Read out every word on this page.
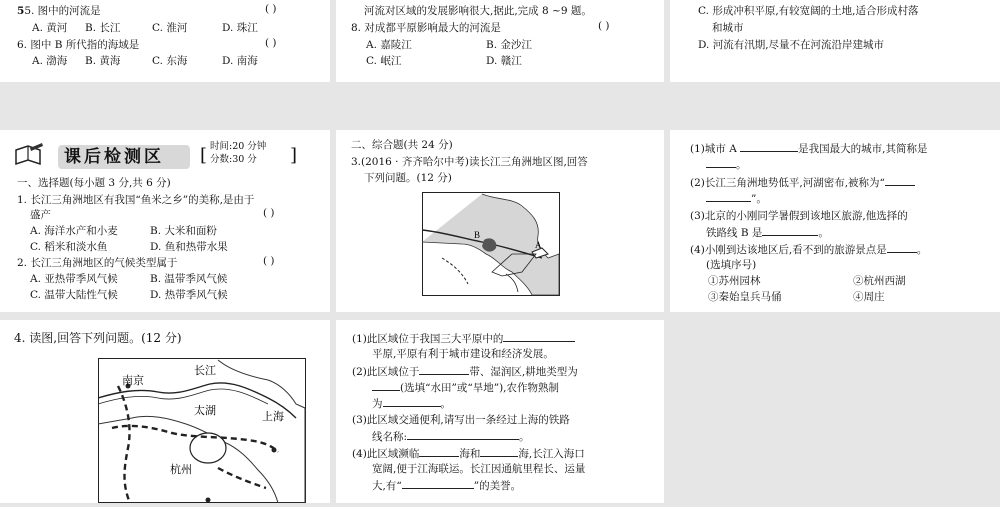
55. 图中的河流是	( )
A. 黄河 B. 长江	C. 淮河	D. 珠江
6. 图中 B 所代指的海域是	( )
A. 渤海 B. 黄海	C. 东海	D. 南海
河流对区域的发展影响很大,据此,完成 8 ~9 题。
8. 对成都平原影响最大的河流是	( )
A. 嘉陵江	B. 金沙江
C. 岷江	D. 赣江
C. 形成冲积平原,有较宽阔的土地,适合形成村落
和城市
D. 河流有汛期,尽量不在河流沿岸建城市
课后检测区 [ 时间:20 分钟
分数:30 分 ]
一、选择题(每小题 3 分,共 6 分)
1. 长江三角洲地区有我国“鱼米之乡”的美称,是由于
盛产	( )
A. 海洋水产和小麦	B. 大米和面粉
C. 稻米和淡水鱼	D. 鱼和热带水果
2. 长江三角洲地区的气候类型属于	( )
A. 亚热带季风气候	B. 温带季风气候
C. 温带大陆性气候	D. 热带季风气候
二、综合题(共 24 分)
3.(2016 · 齐齐哈尔中考)读长江三角洲地区图,回答
下列问题。(12 分)
B
A
(1)城市 A	是我国最大的城市,其简称是
。
(2)长江三角洲地势低平,河湖密布,被称为“
”。
(3)北京的小刚同学暑假到该地区旅游,他选择的
铁路线 B 是	。
(4)小刚到达该地区后,看不到的旅游景点是	。
(选填序号)
①苏州园林	②杭州西湖
③秦始皇兵马俑	④周庄
4. 读图,回答下列问题。(12 分)
长江
南京
太湖	上海
杭州
(1)此区域位于我国三大平原中的
平原,平原有利于城市建设和经济发展。
(2)此区域位于	带、湿润区,耕地类型为
(选填“水田”或“旱地”),农作物熟制
为	。
(3)此区域交通便利,请写出一条经过上海的铁路
线名称:	。
(4)此区域濒临	海和	海,长江入海口
宽阔,便于江海联运。长江因通航里程长、运量
大,有“	”的美誉。
